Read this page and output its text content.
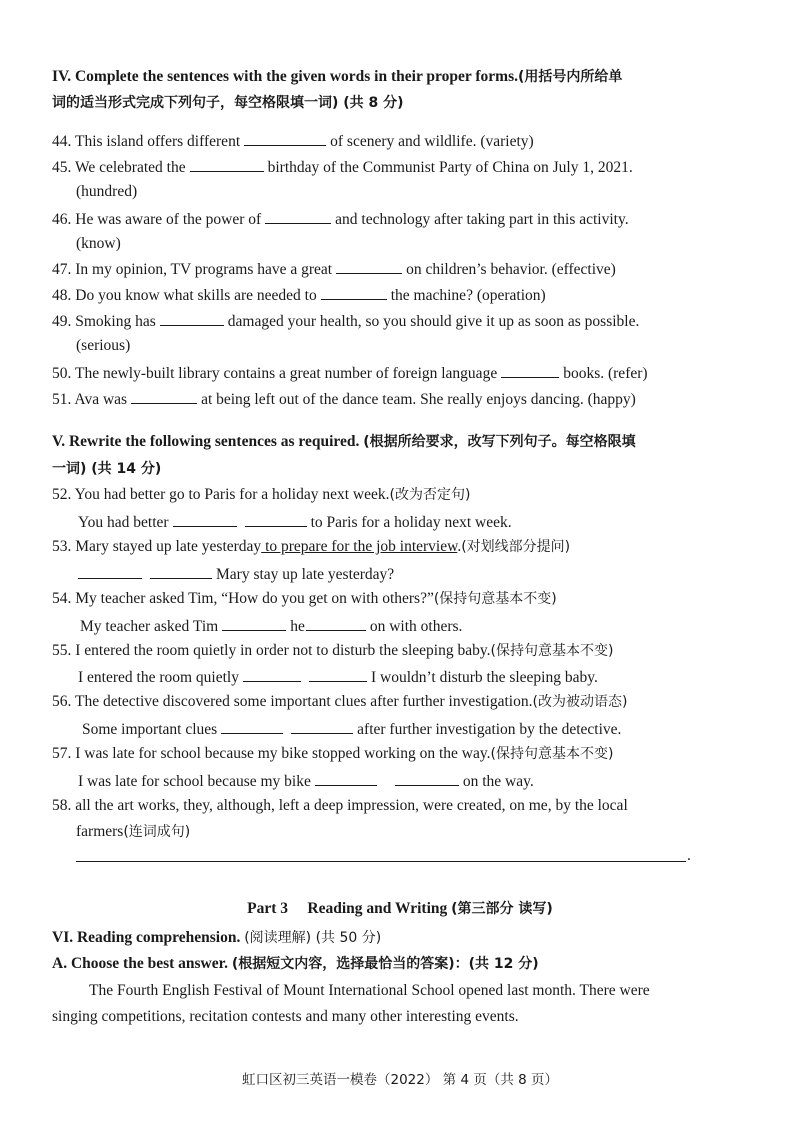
IV. Complete the sentences with the given words in their proper forms.(用括号内所给单
词的适当形式完成下列句子，每空格限填一词) (共 8 分)
44. This island offers different	of scenery and wildlife. (variety)
45. We celebrated the	birthday of the Communist Party of China on July 1, 2021.
(hundred)
46. He was aware of the power of	and technology after taking part in this activity.
(know)
47. In my opinion, TV programs have a great	on children’s behavior. (effective)
48. Do you know what skills are needed to	the machine? (operation)
49. Smoking has	damaged your health, so you should give it up as soon as possible.
(serious)
50. The newly-built library contains a great number of foreign language	books. (refer)
51. Ava was	at being left out of the dance team. She really enjoys dancing. (happy)
V. Rewrite the following sentences as required. (根据所给要求，改写下列句子。每空格限填
一词) (共 14 分)
52. You had better go to Paris for a holiday next week.(改为否定句)
You had better	to Paris for a holiday next week.
53. Mary stayed up late yesterday to prepare for the job interview.(对划线部分提问)
Mary stay up late yesterday?
54. My teacher asked Tim, “How do you get on with others?”(保持句意基本不变)
My teacher asked Tim	he	on with others.
55. I entered the room quietly in order not to disturb the sleeping baby.(保持句意基本不变)
I entered the room quietly	I wouldn’t disturb the sleeping baby.
56. The detective discovered some important clues after further investigation.(改为被动语态)
Some important clues	after further investigation by the detective.
57. I was late for school because my bike stopped working on the way.(保持句意基本不变)
I was late for school because my bike	on the way.
58. all the art works, they, although, left a deep impression, were created, on me, by the local
farmers(连词成句)
.
Part 3     Reading and Writing (第三部分 读写)
VI. Reading comprehension. (阅读理解) (共 50 分)
A. Choose the best answer. (根据短文内容，选择最恰当的答案)：(共 12 分)
The Fourth English Festival of Mount International School opened last month. There were
singing competitions, recitation contests and many other interesting events.
虹口区初三英语一模卷（2022） 第 4 页（共 8 页）
